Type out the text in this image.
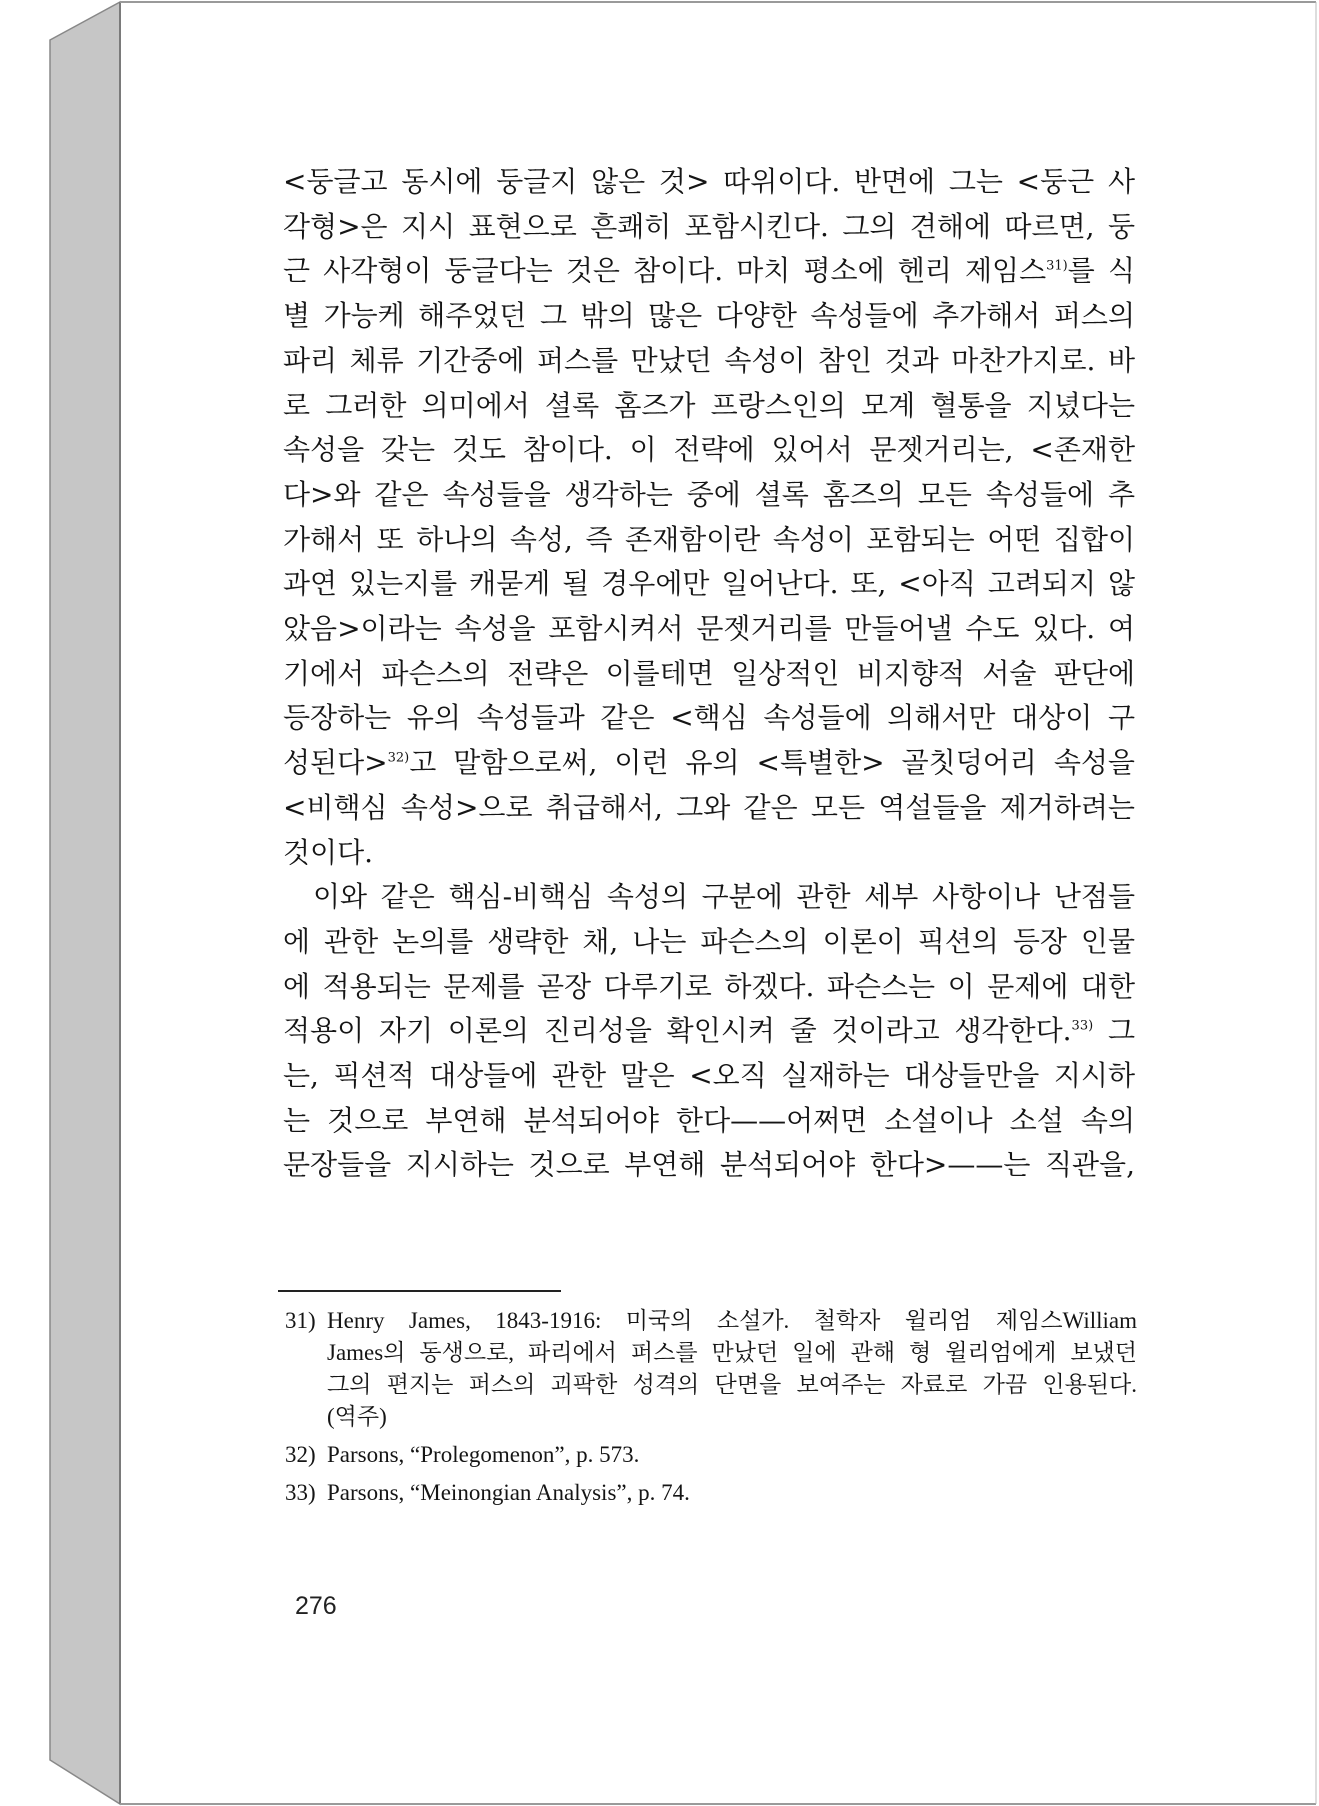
<둥글고 동시에 둥글지 않은 것> 따위이다. 반면에 그는 <둥근 사
각형>은 지시 표현으로 흔쾌히 포함시킨다. 그의 견해에 따르면, 둥
근 사각형이 둥글다는 것은 참이다. 마치 평소에 헨리 제임스$^{31)}$를 식
별 가능케 해주었던 그 밖의 많은 다양한 속성들에 추가해서 퍼스의
파리 체류 기간중에 퍼스를 만났던 속성이 참인 것과 마찬가지로. 바
로 그러한 의미에서 셜록 홈즈가 프랑스인의 모계 혈통을 지녔다는
속성을 갖는 것도 참이다. 이 전략에 있어서 문젯거리는, <존재한
다>와 같은 속성들을 생각하는 중에 셜록 홈즈의 모든 속성들에 추
가해서 또 하나의 속성, 즉 존재함이란 속성이 포함되는 어떤 집합이
과연 있는지를 캐묻게 될 경우에만 일어난다. 또, <아직 고려되지 않
았음>이라는 속성을 포함시켜서 문젯거리를 만들어낼 수도 있다. 여
기에서 파슨스의 전략은 이를테면 일상적인 비지향적 서술 판단에
등장하는 유의 속성들과 같은 <핵심 속성들에 의해서만 대상이 구
성된다>$^{32)}$고 말함으로써, 이런 유의 <특별한> 골칫덩어리 속성을
<비핵심 속성>으로 취급해서, 그와 같은 모든 역설들을 제거하려는
것이다.
이와 같은 핵심-비핵심 속성의 구분에 관한 세부 사항이나 난점들
에 관한 논의를 생략한 채, 나는 파슨스의 이론이 픽션의 등장 인물
에 적용되는 문제를 곧장 다루기로 하겠다. 파슨스는 이 문제에 대한
적용이 자기 이론의 진리성을 확인시켜 줄 것이라고 생각한다.$^{33)}$ 그
는, 픽션적 대상들에 관한 말은 <오직 실재하는 대상들만을 지시하
는 것으로 부연해 분석되어야 한다——어쩌면 소설이나 소설 속의
문장들을 지시하는 것으로 부연해 분석되어야 한다>——는 직관을,
31) Henry James, 1843-1916: 미국의 소설가. 철학자 윌리엄 제임스William
James의 동생으로, 파리에서 퍼스를 만났던 일에 관해 형 윌리엄에게 보냈던
그의 편지는 퍼스의 괴팍한 성격의 단면을 보여주는 자료로 가끔 인용된다.
(역주)
32) Parsons, “Prolegomenon”, p. 573.
33) Parsons, “Meinongian Analysis”, p. 74.
276
